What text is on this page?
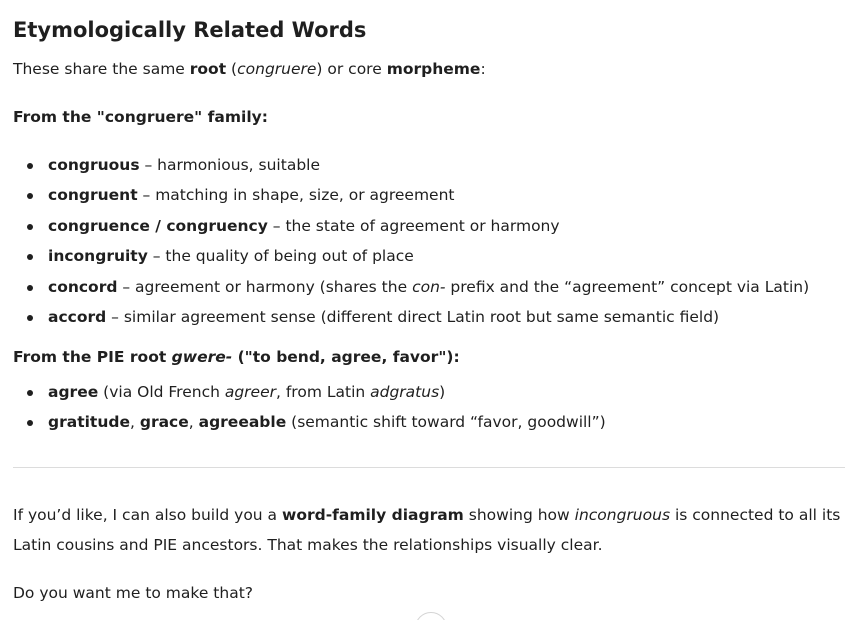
Etymologically Related Words

These share the same root (congruere) or core morpheme:

From the "congruere" family:

congruous – harmonious, suitable

congruent – matching in shape, size, or agreement

congruence / congruency – the state of agreement or harmony

incongruity – the quality of being out of place

concord – agreement or harmony (shares the con- prefix and the “agreement” concept via Latin)

accord – similar agreement sense (different direct Latin root but same semantic field)

From the PIE root gwere- ("to bend, agree, favor"):

agree (via Old French agreer, from Latin adgratus)

gratitude, grace, agreeable (semantic shift toward “favor, goodwill”)

If you’d like, I can also build you a word-family diagram showing how incongruous is connected to all its

Latin cousins and PIE ancestors. That makes the relationships visually clear.

Do you want me to make that?
